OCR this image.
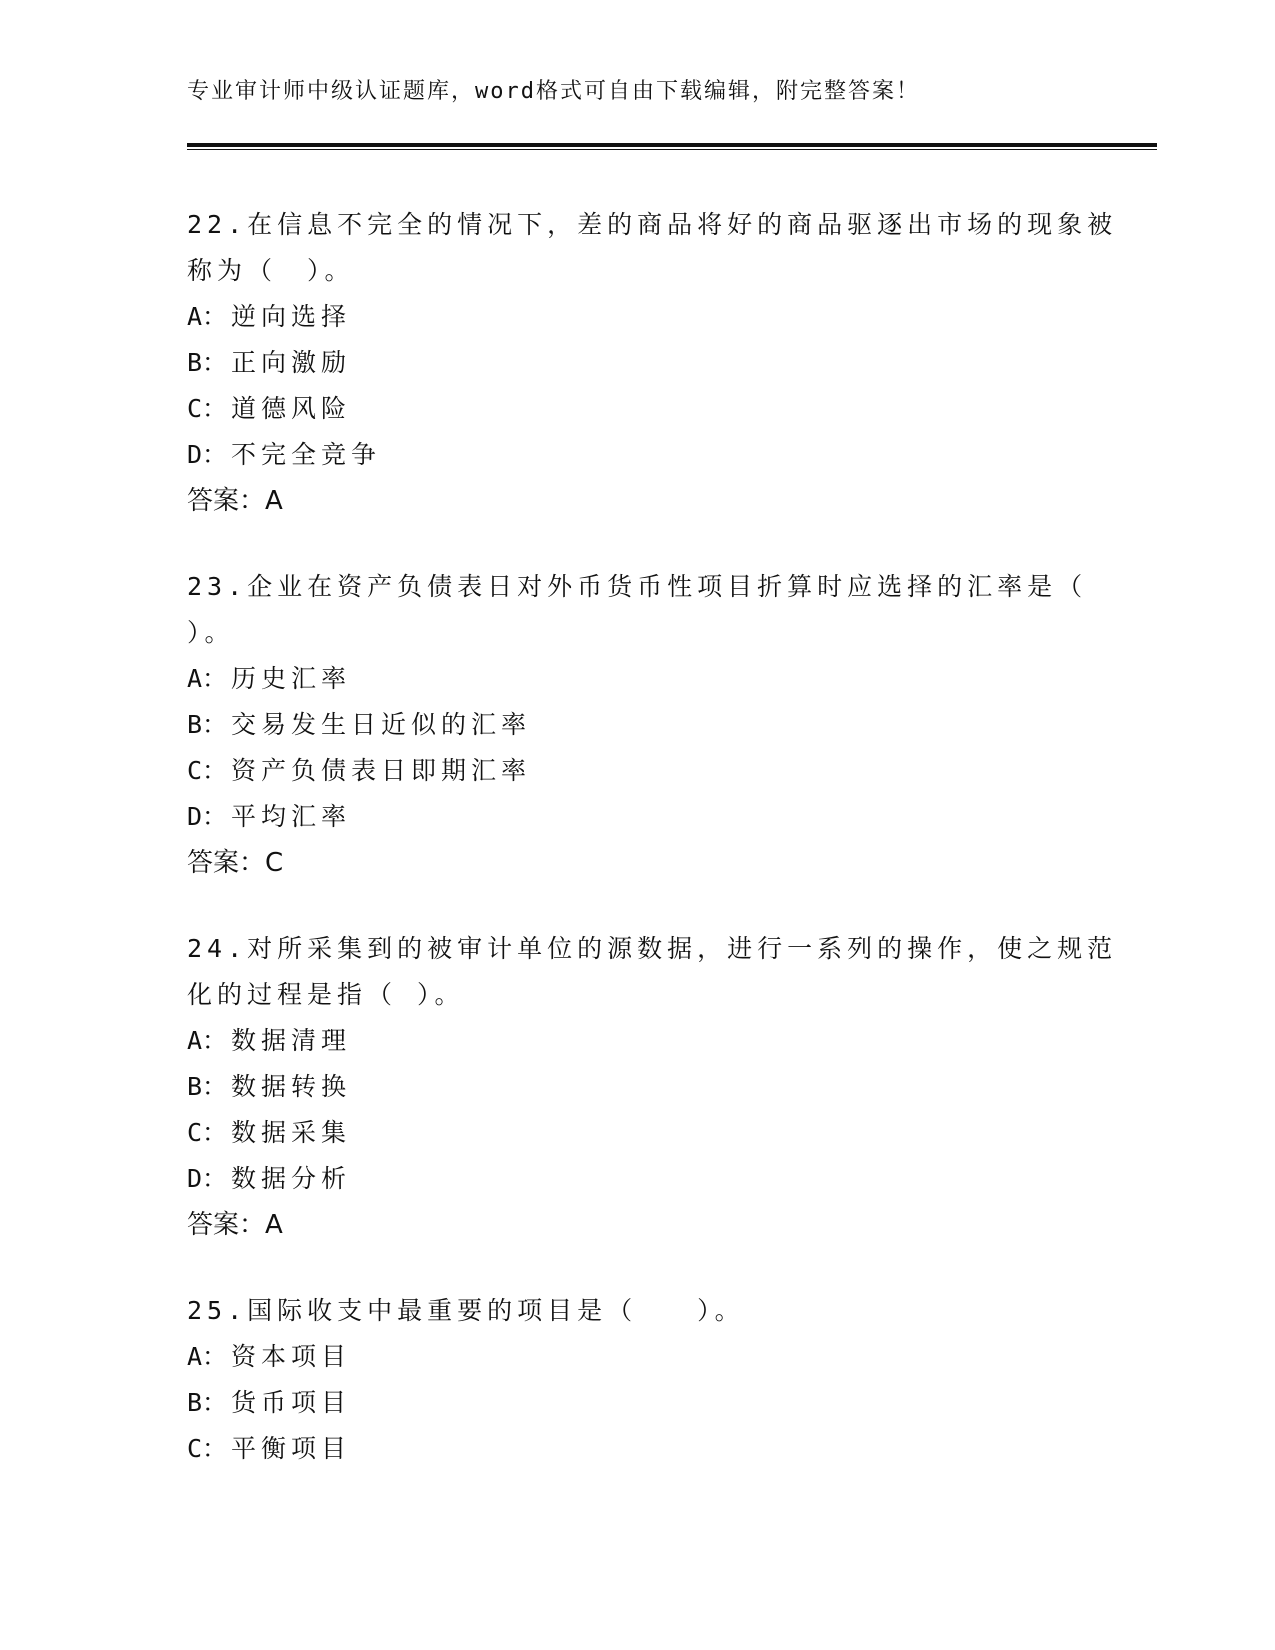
专业审计师中级认证题库，word格式可自由下载编辑，附完整答案！
22.在信息不完全的情况下，差的商品将好的商品驱逐出市场的现象被
称为（　）。
A： 逆向选择
B： 正向激励
C： 道德风险
D： 不完全竞争
答案：A
23.企业在资产负债表日对外币货币性项目折算时应选择的汇率是（
）。
A： 历史汇率
B： 交易发生日近似的汇率
C： 资产负债表日即期汇率
D： 平均汇率
答案：C
24.对所采集到的被审计单位的源数据，进行一系列的操作，使之规范
化的过程是指（ ）。
A： 数据清理
B： 数据转换
C： 数据采集
D： 数据分析
答案：A
25.国际收支中最重要的项目是（　　）。
A： 资本项目
B： 货币项目
C： 平衡项目
